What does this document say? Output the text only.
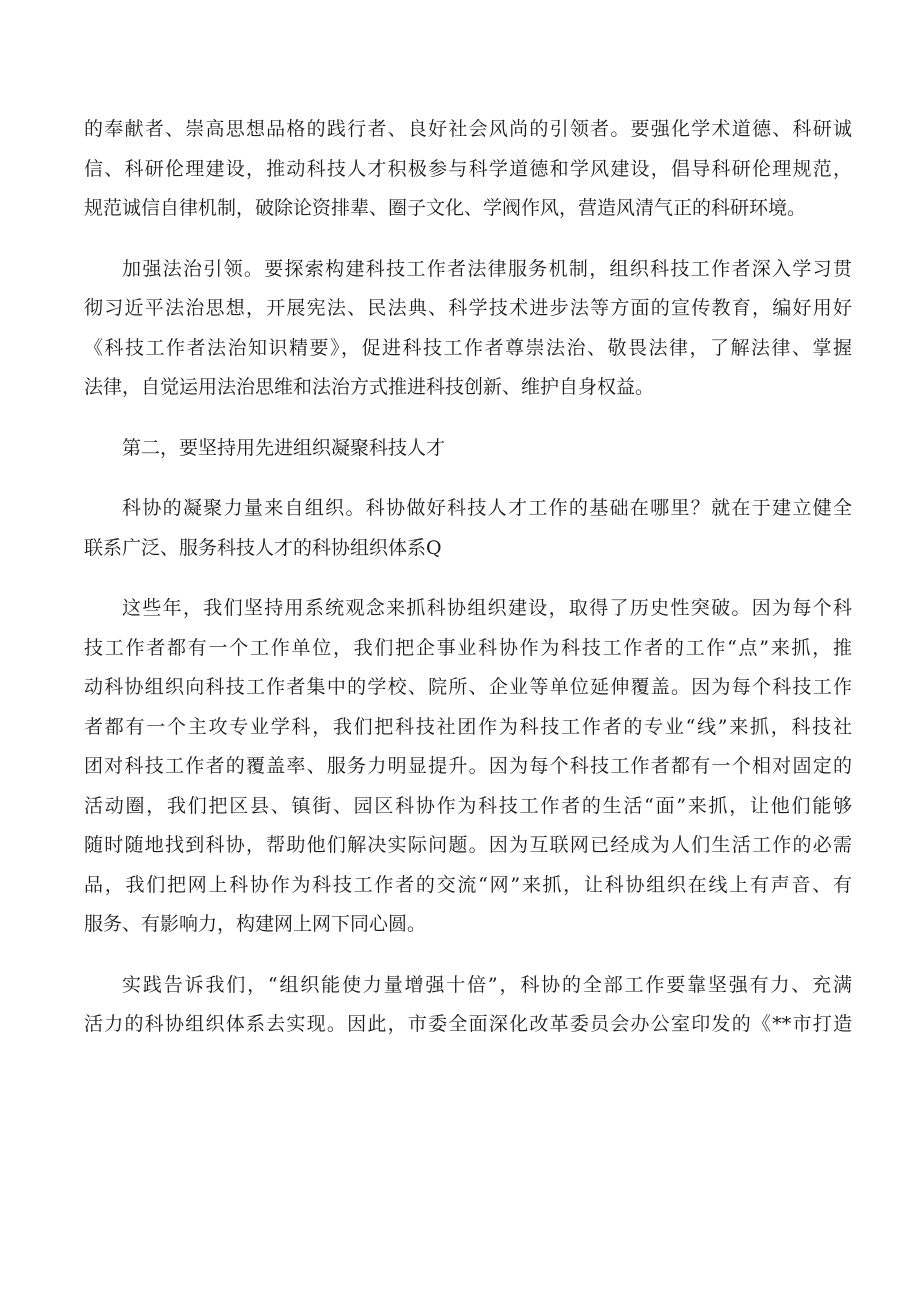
的奉献者、崇高思想品格的践行者、良好社会风尚的引领者。要强化学术道德、科研诚
信、科研伦理建设，推动科技人才积极参与科学道德和学风建设，倡导科研伦理规范，
规范诚信自律机制，破除论资排辈、圈子文化、学阀作风，营造风清气正的科研环境。

加强法治引领。要探索构建科技工作者法律服务机制，组织科技工作者深入学习贯
彻习近平法治思想，开展宪法、民法典、科学技术进步法等方面的宣传教育，编好用好
《科技工作者法治知识精要》，促进科技工作者尊崇法治、敬畏法律，了解法律、掌握
法律，自觉运用法治思维和法治方式推进科技创新、维护自身权益。

第二，要坚持用先进组织凝聚科技人才

科协的凝聚力量来自组织。科协做好科技人才工作的基础在哪里？就在于建立健全
联系广泛、服务科技人才的科协组织体系Q

这些年，我们坚持用系统观念来抓科协组织建设，取得了历史性突破。因为每个科
技工作者都有一个工作单位，我们把企事业科协作为科技工作者的工作“点”来抓，推
动科协组织向科技工作者集中的学校、院所、企业等单位延伸覆盖。因为每个科技工作
者都有一个主攻专业学科，我们把科技社团作为科技工作者的专业“线”来抓，科技社
团对科技工作者的覆盖率、服务力明显提升。因为每个科技工作者都有一个相对固定的
活动圈，我们把区县、镇街、园区科协作为科技工作者的生活“面”来抓，让他们能够
随时随地找到科协，帮助他们解决实际问题。因为互联网已经成为人们生活工作的必需
品，我们把网上科协作为科技工作者的交流“网”来抓，让科协组织在线上有声音、有
服务、有影响力，构建网上网下同心圆。

实践告诉我们，“组织能使力量增强十倍”，科协的全部工作要靠坚强有力、充满
活力的科协组织体系去实现。因此，市委全面深化改革委员会办公室印发的《**市打造
